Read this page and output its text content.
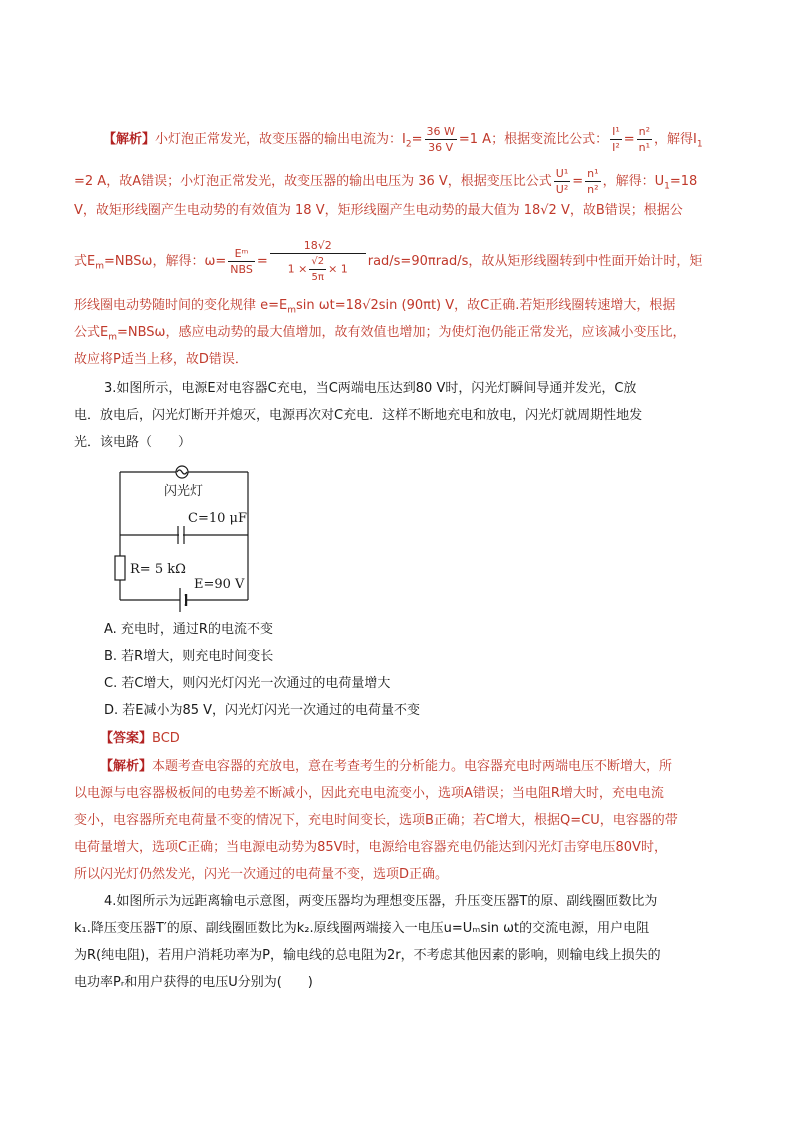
【解析】小灯泡正常发光，故变压器的输出电流为：$I_2= \frac{36 W}{36 V} =1$ A；根据变流比公式： $\frac{\text{I¹}}{\text{I²}} = \frac{\text{n²}}{\text{n¹}}$ ，解得$I_1$
=2 A，故A错误；小灯泡正常发光，故变压器的输出电压为 36 V，根据变压比公式 $\frac{\text{U¹}}{\text{U²}} = \frac{\text{n¹}}{\text{n²}}$ ，解得：$U_1=18$
V，故矩形线圈产生电动势的有效值为 18 V，矩形线圈产生电动势的最大值为 18√2 V，故B错误；根据公
式$E_m=NBS\omega$，解得：$\omega= \frac{\text{Eᵐ}}{\text{NBS}} = \frac{18√2}{1 \times \frac{√2}{5\pi} \times 1} rad/s=90\pi rad/s$，故从矩形线圈转到中性面开始计时，矩
形线圈电动势随时间的变化规律 $e=E_m\sin$ ωt=18√2sin (90πt) V，故C正确.若矩形线圈转速增大，根据
公式$E_m=NBS\omega$，感应电动势的最大值增加，故有效值也增加；为使灯泡仍能正常发光，应该减小变压比，
故应将P适当上移，故D错误．
3.如图所示，电源E对电容器C充电，当C两端电压达到80 V时，闪光灯瞬间导通并发光，C放
电．放电后，闪光灯断开并熄灭，电源再次对C充电．这样不断地充电和放电，闪光灯就周期性地发
光．该电路（　　）
闪光灯
C=10 μF
R= 5 kΩ
E=90 V
A. 充电时，通过R的电流不变
B. 若R增大，则充电时间变长
C. 若C增大，则闪光灯闪光一次通过的电荷量增大
D. 若E减小为85 V，闪光灯闪光一次通过的电荷量不变
【答案】BCD
【解析】本题考查电容器的充放电，意在考查考生的分析能力。电容器充电时两端电压不断增大，所
以电源与电容器极板间的电势差不断减小，因此充电电流变小，选项A错误；当电阻R增大时，充电电流
变小，电容器所充电荷量不变的情况下，充电时间变长，选项B正确；若C增大，根据Q=CU，电容器的带
电荷量增大，选项C正确；当电源电动势为85V时，电源给电容器充电仍能达到闪光灯击穿电压80V时，
所以闪光灯仍然发光，闪光一次通过的电荷量不变，选项D正确。
4.如图所示为远距离输电示意图，两变压器均为理想变压器，升压变压器T的原、副线圈匝数比为
k₁.降压变压器T′的原、副线圈匝数比为k₂.原线圈两端接入一电压u=Uₘsin ωt的交流电源，用户电阻
为R(纯电阻)，若用户消耗功率为P，输电线的总电阻为2r，不考虑其他因素的影响，则输电线上损失的
电功率Pᵣ和用户获得的电压U分别为(　　)
